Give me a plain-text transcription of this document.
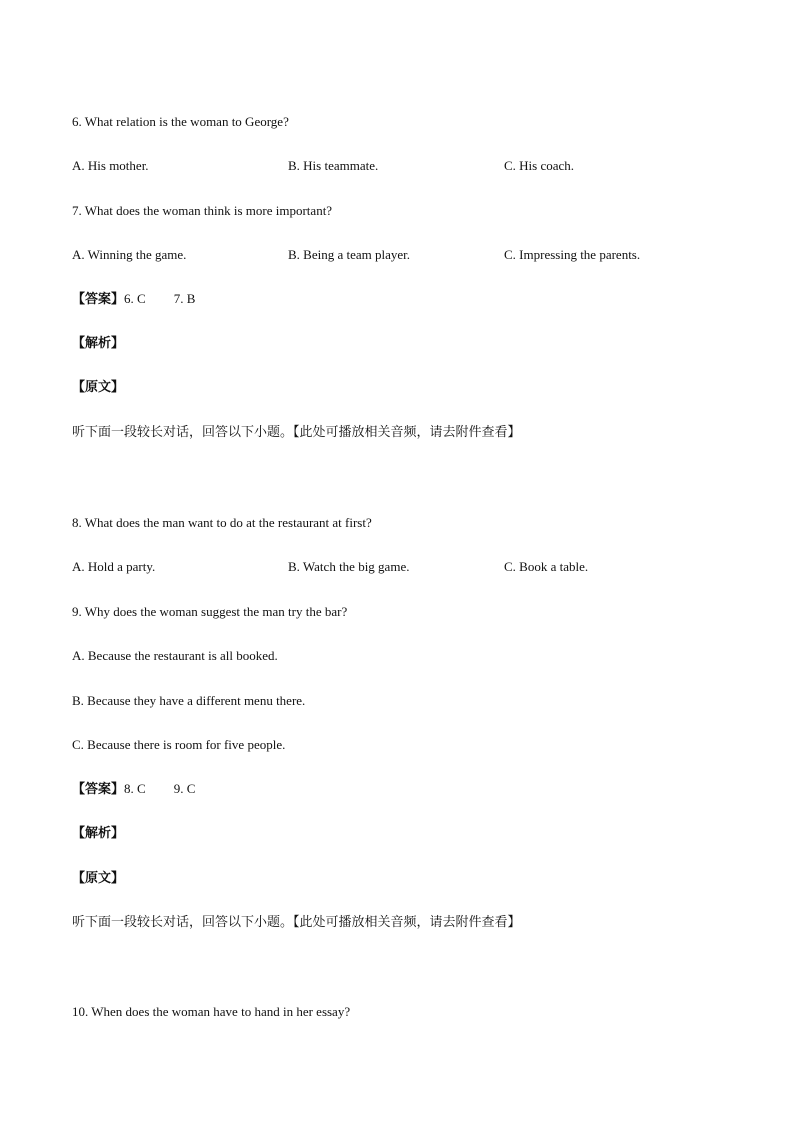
6. What relation is the woman to George?
A. His mother.	B. His teammate.	C. His coach.
7. What does the woman think is more important?
A. Winning the game.	B. Being a team player.	C. Impressing the parents.
【答案】6. C 7. B
【解析】
【原文】
听下面一段较长对话，回答以下小题。【此处可播放相关音频，请去附件查看】
8. What does the man want to do at the restaurant at first?
A. Hold a party.	B. Watch the big game.	C. Book a table.
9. Why does the woman suggest the man try the bar?
A. Because the restaurant is all booked.
B. Because they have a different menu there.
C. Because there is room for five people.
【答案】8. C 9. C
【解析】
【原文】
听下面一段较长对话，回答以下小题。【此处可播放相关音频，请去附件查看】
10. When does the woman have to hand in her essay?
